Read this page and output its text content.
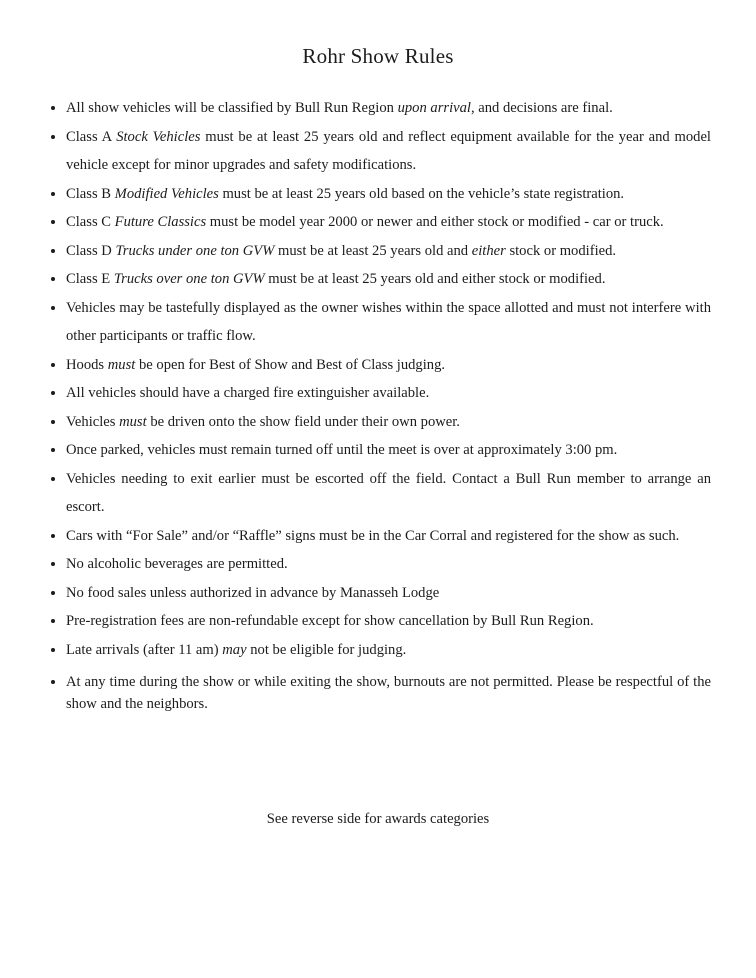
Rohr Show Rules
• All show vehicles will be classified by Bull Run Region upon arrival, and decisions are final.
• Class A Stock Vehicles must be at least 25 years old and reflect equipment available for the year and model vehicle except for minor upgrades and safety modifications.
• Class B Modified Vehicles must be at least 25 years old based on the vehicle’s state registration.
• Class C Future Classics must be model year 2000 or newer and either stock or modified - car or truck.
• Class D Trucks under one ton GVW must be at least 25 years old and either stock or modified.
• Class E Trucks over one ton GVW must be at least 25 years old and either stock or modified.
• Vehicles may be tastefully displayed as the owner wishes within the space allotted and must not interfere with other participants or traffic flow.
• Hoods must be open for Best of Show and Best of Class judging.
• All vehicles should have a charged fire extinguisher available.
• Vehicles must be driven onto the show field under their own power.
• Once parked, vehicles must remain turned off until the meet is over at approximately 3:00 pm.
• Vehicles needing to exit earlier must be escorted off the field. Contact a Bull Run member to arrange an escort.
• Cars with “For Sale” and/or “Raffle” signs must be in the Car Corral and registered for the show as such.
• No alcoholic beverages are permitted.
• No food sales unless authorized in advance by Manasseh Lodge
• Pre-registration fees are non-refundable except for show cancellation by Bull Run Region.
• Late arrivals (after 11 am) may not be eligible for judging.
• At any time during the show or while exiting the show, burnouts are not permitted. Please be respectful of the show and the neighbors.
See reverse side for awards categories
